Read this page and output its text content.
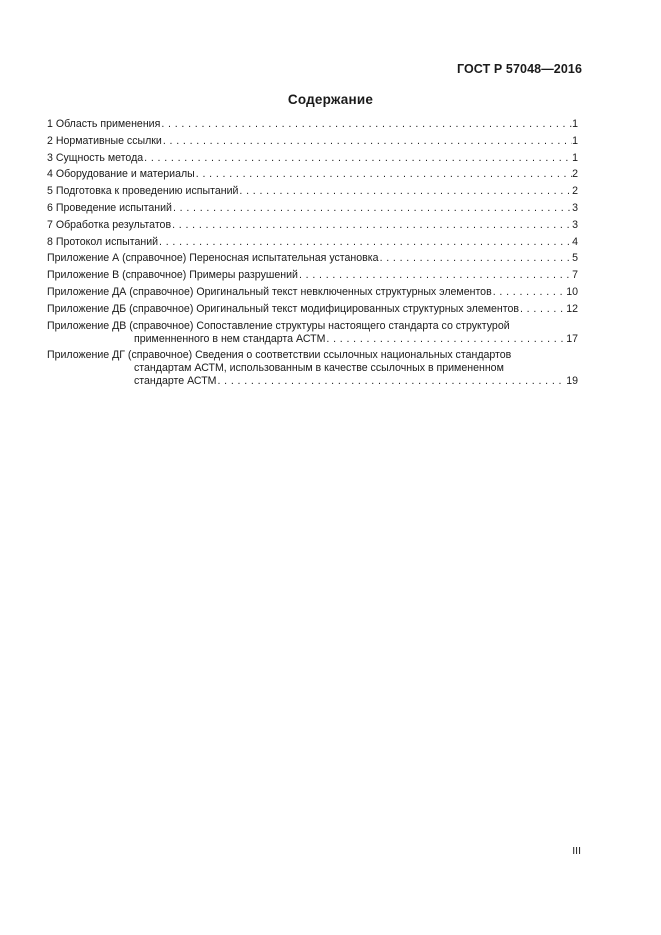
ГОСТ Р 57048—2016
Содержание
1 Область применения . . .	1
2 Нормативные ссылки . . .	1
3 Сущность метода . . .	1
4 Оборудование и материалы . . .	2
5 Подготовка к проведению испытаний . . .	2
6 Проведение испытаний . . .	3
7 Обработка результатов . . .	3
8 Протокол испытаний . . .	4
Приложение А (справочное) Переносная испытательная установка . . .	5
Приложение В (справочное) Примеры разрушений . . .	7
Приложение ДА (справочное) Оригинальный текст невключенных структурных элементов . . .	10
Приложение ДБ (справочное) Оригинальный текст модифицированных структурных элементов . . .	12
Приложение ДВ (справочное) Сопоставление структуры настоящего стандарта со структурой
применненного в нем стандарта АСТМ . . .	17
Приложение ДГ (справочное) Сведения о соответствии ссылочных национальных стандартов
стандартам АСТМ, использованным в качестве ссылочных в примененном
стандарте АСТМ . . .	19
III
